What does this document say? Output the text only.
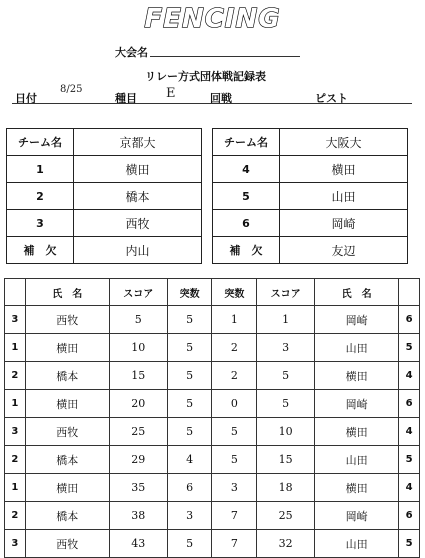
FENCING
大会名
リレー方式団体戦記録表
日付
8/25
種目 E	回戦	ピスト
チーム名	京都大
1	横田
2	橋本
3	西牧
補　欠	内山
チーム名	大阪大
4	横田
5	山田
6	岡崎
補　欠	友辺
	氏　名	スコア	突数	突数	スコア	氏　名	
3	西牧	5	5	1	1	岡崎	6
1	横田	10	5	2	3	山田	5
2	橋本	15	5	2	5	横田	4
1	横田	20	5	0	5	岡崎	6
3	西牧	25	5	5	10	横田	4
2	橋本	29	4	5	15	山田	5
1	横田	35	6	3	18	横田	4
2	橋本	38	3	7	25	岡崎	6
3	西牧	43	5	7	32	山田	5
